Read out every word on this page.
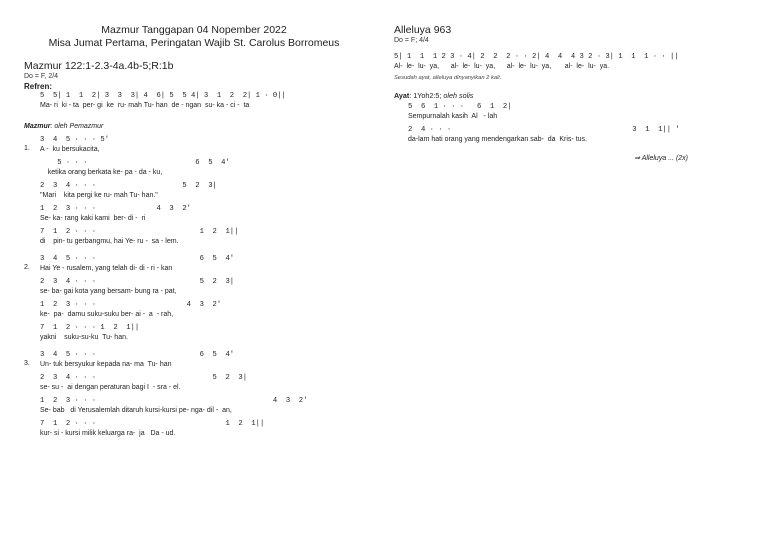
Mazmur Tanggapan 04 Nopember 2022
Misa Jumat Pertama, Peringatan Wajib St. Carolus Borromeus
Mazmur 122:1-2.3-4a.4b-5;R:1b
Do = F, 2/4
Refren:
5  5| 1  1  2| 3  3  3| 4  6| 5  5 4| 3  1  2  2| 1 · 0||
Ma- ri  ki - ta  per- gi  ke  ru- mah Tu- han  de - ngan  su- ka - ci -  ta
Mazmur: oleh Pemazmur
3  4  5 · · · 5'
1. A -  ku bersukacita,
5 · · ·                         6  5  4'
ketika orang berkata ke- pa - da - ku,
2  3  4 · · ·                    5  2  3|
"Mari    kita pergi ke ru- mah Tu- han."
1  2  3 · · ·              4  3  2'
Se- ka- rang kaki kami  ber- di -  ri
7  1  2 · · ·                        1  2  1||
di    pin- tu gerbangmu, hai Ye- ru -  sa - lem.
3  4  5 · · ·                        6  5  4'
2. Hai Ye - rusalem, yang telah di- di - ri - kan
2  3  4 · · ·                        5  2  3|
se- ba- gai kota yang bersam- bung ra - pat,
1  2  3 · · ·                     4  3  2'
ke-  pa-  damu suku-suku ber- ai -  a  - rah,
7  1  2 · · · 1  2  1||
yakni    suku-su-ku  Tu- han.
3  4  5 · · ·                        6  5  4'
3. Un- tuk bersyukur kepada na- ma  Tu- han
2  3  4 · · ·                           5  2  3|
se- su -  ai dengan peraturan bagi I  - sra - el.
1  2  3 · · ·                                         4  3  2'
Se- bab   di Yerusalemlah ditaruh kursi-kursi pe- nga- dil -  an,
7  1  2 · · ·                              1  2  1||
kur- si - kursi milik keluarga ra-  ja   Da - ud.
Alleluya 963
Do = F; 4/4
5| 1  1  1 2 3 · 4| 2  2  2 · · 2| 4  4  4 3 2 · 3| 1  1  1 · · ||
Al-  le-  lu-  ya,      al-  le-  lu-  ya,      al-  le-  lu-  ya,       al-  le-  lu-  ya.
Sesudah ayat, alleluya dinyanyikan 2 kali.
Ayat: 1Yoh2:5; oleh solis
5  6  1 · · ·   6  1  2|
Sempurnalah kasih  Al   - lah
2  4 · · ·                                          3  1  1|| '
da-lam hati orang yang mendengarkan sab-  da  Kris- tus.
⇒ Alleluya ... (2x)
